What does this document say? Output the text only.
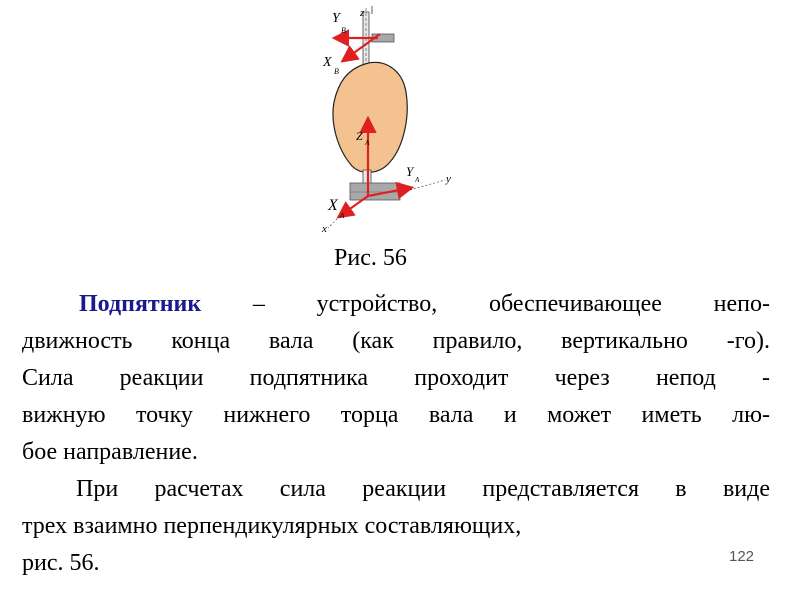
z
Y
B
X
B
Z A
Y
A y
X
A
x
Рис. 56
Подпятник – устройство, обеспечивающее непо-
движность конца вала (как правило, вертикально -го).
Сила реакции подпятника проходит через непод -
вижную точку нижнего торца вала и может иметь лю-
бое направление.
При расчетах сила реакции представляется в виде
трех взаимно перпендикулярных составляющих,
рис. 56.	122
